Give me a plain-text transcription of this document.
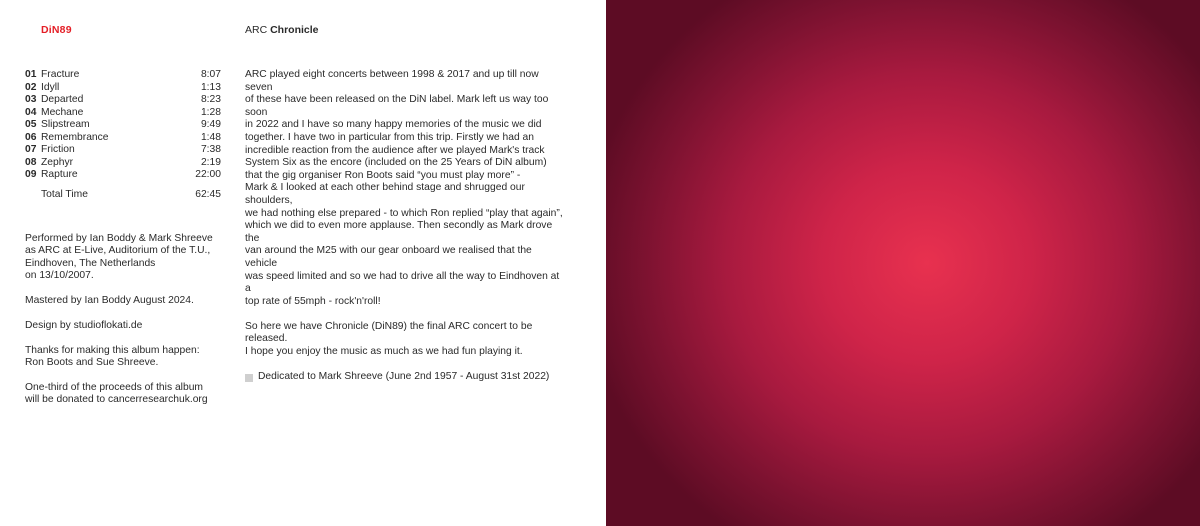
DiN89	ARC Chronicle
01 Fracture	8:07
02 Idyll	1:13
03 Departed	8:23
04 Mechane	1:28
05 Slipstream	9:49
06 Remembrance	1:48
07 Friction	7:38
08 Zephyr	2:19
09 Rapture	22:00
Total Time	62:45

Performed by Ian Boddy & Mark Shreeve
as ARC at E-Live, Auditorium of the T.U.,
Eindhoven, The Netherlands
on 13/10/2007.

Mastered by Ian Boddy August 2024.

Design by studioflokati.de

Thanks for making this album happen:
Ron Boots and Sue Shreeve.

One-third of the proceeds of this album
will be donated to cancerresearchuk.org

ARC played eight concerts between 1998 & 2017 and up till now seven
of these have been released on the DiN label. Mark left us way too soon
in 2022 and I have so many happy memories of the music we did
together. I have two in particular from this trip. Firstly we had an
incredible reaction from the audience after we played Mark's track
System Six as the encore (included on the 25 Years of DiN album)
that the gig organiser Ron Boots said “you must play more” -
Mark & I looked at each other behind stage and shrugged our shoulders,
we had nothing else prepared - to which Ron replied “play that again”,
which we did to even more applause. Then secondly as Mark drove the
van around the M25 with our gear onboard we realised that the vehicle
was speed limited and so we had to drive all the way to Eindhoven at a
top rate of 55mph - rock'n'roll!

So here we have Chronicle (DiN89) the final ARC concert to be released.
I hope you enjoy the music as much as we had fun playing it.

Dedicated to Mark Shreeve (June 2nd 1957 - August 31st 2022)
